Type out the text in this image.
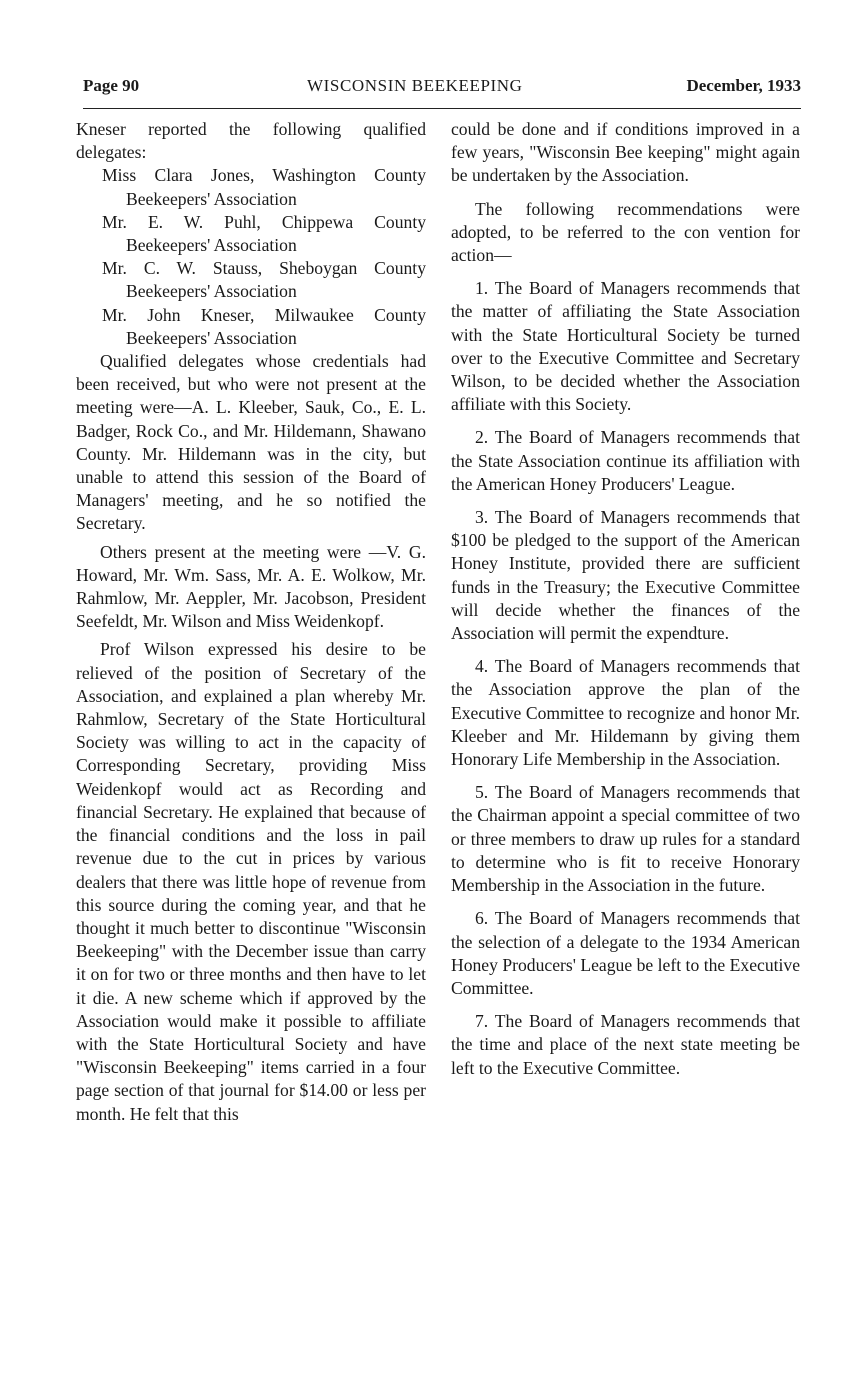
Page 90	WISCONSIN BEEKEEPING	December, 1933

Kneser reported the following qualified delegates:

Miss Clara Jones, Washington County Beekeepers' Association

Mr. E. W. Puhl, Chippewa County Beekeepers' Association

Mr. C. W. Stauss, Sheboygan County Beekeepers' Association

Mr. John Kneser, Milwaukee County Beekeepers' Association

Qualified delegates whose credentials had been received, but who were not present at the meeting were—A. L. Kleeber, Sauk, Co., E. L. Badger, Rock Co., and Mr. Hildemann, Shawano County. Mr. Hildemann was in the city, but unable to attend this session of the Board of Managers' meeting, and he so notified the Secretary.

Others present at the meeting were —V. G. Howard, Mr. Wm. Sass, Mr. A. E. Wolkow, Mr. Rahmlow, Mr. Aeppler, Mr. Jacobson, President Seefeldt, Mr. Wilson and Miss Weidenkopf.

Prof Wilson expressed his desire to be relieved of the position of Secretary of the Association, and explained a plan whereby Mr. Rahmlow, Secretary of the State Horticultural Society was willing to act in the capacity of Corresponding Secretary, providing Miss Weidenkopf would act as Recording and financial Secretary. He explained that because of the financial conditions and the loss in pail revenue due to the cut in prices by various dealers that there was little hope of revenue from this source during the coming year, and that he thought it much better to discontinue "Wisconsin Beekeeping" with the December issue than carry it on for two or three months and then have to let it die. A new scheme which if approved by the Association would make it possible to affiliate with the State Horticultural Society and have "Wisconsin Beekeeping" items carried in a four page section of that journal for $14.00 or less per month. He felt that this

could be done and if conditions improved in a few years, "Wisconsin Bee keeping" might again be undertaken by the Association.

The following recommendations were adopted, to be referred to the con vention for action—

1. The Board of Managers recommends that the matter of affiliating the State Association with the State Horticultural Society be turned over to the Executive Committee and Secretary Wilson, to be decided whether the Association affiliate with this Society.

2. The Board of Managers recommends that the State Association continue its affiliation with the American Honey Producers' League.

3. The Board of Managers recommends that $100 be pledged to the support of the American Honey Institute, provided there are sufficient funds in the Treasury; the Executive Committee will decide whether the finances of the Association will permit the expendture.

4. The Board of Managers recommends that the Association approve the plan of the Executive Committee to recognize and honor Mr. Kleeber and Mr. Hildemann by giving them Honorary Life Membership in the Association.

5. The Board of Managers recommends that the Chairman appoint a special committee of two or three members to draw up rules for a standard to determine who is fit to receive Honorary Membership in the Association in the future.

6. The Board of Managers recommends that the selection of a delegate to the 1934 American Honey Producers' League be left to the Executive Committee.

7. The Board of Managers recommends that the time and place of the next state meeting be left to the Executive Committee.
